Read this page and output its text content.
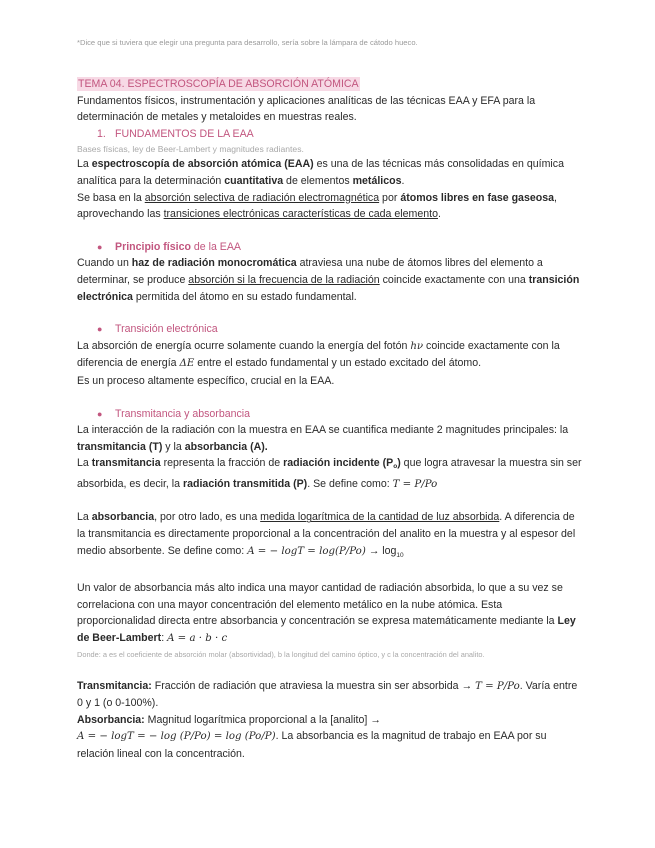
*Dice que si tuviera que elegir una pregunta para desarrollo, sería sobre la lámpara de cátodo hueco.
TEMA 04. ESPECTROSCOPÍA DE ABSORCIÓN ATÓMICA

Fundamentos físicos, instrumentación y aplicaciones analíticas de las técnicas EAA y EFA para la determinación de metales y metaloides en muestras reales.

1. FUNDAMENTOS DE LA EAA

Bases físicas, ley de Beer-Lambert y magnitudes radiantes.

La espectroscopía de absorción atómica (EAA) es una de las técnicas más consolidadas en química analítica para la determinación cuantitativa de elementos metálicos.

Se basa en la absorción selectiva de radiación electromagnética por átomos libres en fase gaseosa, aprovechando las transiciones electrónicas características de cada elemento.

● Principio físico de la EAA

Cuando un haz de radiación monocromática atraviesa una nube de átomos libres del elemento a determinar, se produce absorción si la frecuencia de la radiación coincide exactamente con una transición electrónica permitida del átomo en su estado fundamental.

● Transición electrónica

La absorción de energía ocurre solamente cuando la energía del fotón hν coincide exactamente con la diferencia de energía ΔE entre el estado fundamental y un estado excitado del átomo.

Es un proceso altamente específico, crucial en la EAA.

● Transmitancia y absorbancia

La interacción de la radiación con la muestra en EAA se cuantifica mediante 2 magnitudes principales: la transmitancia (T) y la absorbancia (A).

La transmitancia representa la fracción de radiación incidente (Po) que logra atravesar la muestra sin ser absorbida, es decir, la radiación transmitida (P). Se define como: T = P/Po

La absorbancia, por otro lado, es una medida logarítmica de la cantidad de luz absorbida. A diferencia de la transmitancia es directamente proporcional a la concentración del analito en la muestra y al espesor del medio absorbente. Se define como: A = − $\log T = \log(P/Po) \to \log_{10}$

Un valor de absorbancia más alto indica una mayor cantidad de radiación absorbida, lo que a su vez se correlaciona con una mayor concentración del elemento metálico en la nube atómica. Esta proporcionalidad directa entre absorbancia y concentración se expresa matemáticamente mediante la Ley de Beer-Lambert: A = a · b · c

Donde: a es el coeficiente de absorción molar (absortividad), b la longitud del camino óptico, y c la concentración del analito.

Transmitancia: Fracción de radiación que atraviesa la muestra sin ser absorbida → T = P/Po. Varía entre 0 y 1 (o 0-100%).

Absorbancia: Magnitud logarítmica proporcional a la [analito] →
A = − logT = − log (P/Po) = log (Po/P). La absorbancia es la magnitud de trabajo en EAA por su relación lineal con la concentración.
